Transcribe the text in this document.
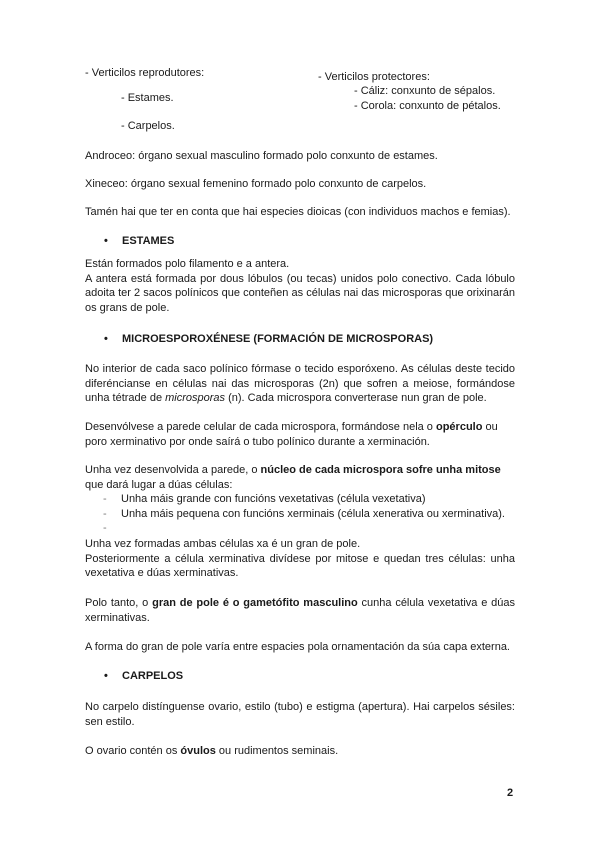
- Verticilos reprodutores:
- Estames.
- Carpelos.
- Verticilos protectores:
- Cáliz: conxunto de sépalos.
- Corola: conxunto de pétalos.
Androceo: órgano sexual masculino formado polo conxunto de estames.
Xineceo: órgano sexual femenino formado polo conxunto de carpelos.
Tamén hai que ter en conta que hai especies dioicas (con individuos machos e femias).
• ESTAMES

Están formados polo filamento e a antera.

A antera está formada por dous lóbulos (ou tecas) unidos polo conectivo. Cada lóbulo adoita ter 2 sacos polínicos que conteñen as células nai das microsporas que orixinarán os grans de pole.

• MICROESPOROXÉNESE (FORMACIÓN DE MICROSPORAS)
No interior de cada saco polínico fórmase o tecido esporóxeno. As células deste tecido diferéncianse en células nai das microsporas (2n) que sofren a meiose, formándose unha tétrade de microsporas (n). Cada microspora converterase nun gran de pole.
Desenvólvese a parede celular de cada microspora, formándose nela o opérculo ou poro xerminativo por onde saírá o tubo polínico durante a xerminación.
Unha vez desenvolvida a parede, o núcleo de cada microspora sofre unha mitose que dará lugar a dúas células:
- Unha máis grande con funcións vexetativas (célula vexetativa)
- Unha máis pequena con funcións xerminais (célula xenerativa ou xerminativa).
-

Unha vez formadas ambas células xa é un gran de pole.

Posteriormente a célula xerminativa divídese por mitose e quedan tres células: unha vexetativa e dúas xerminativas.

Polo tanto, o gran de pole é o gametófito masculino cunha célula vexetativa e dúas xerminativas.
A forma do gran de pole varía entre espacies pola ornamentación da súa capa externa.
• CARPELOS
No carpelo distínguense ovario, estilo (tubo) e estigma (apertura). Hai carpelos sésiles: sen estilo.
O ovario contén os óvulos ou rudimentos seminais.
2
